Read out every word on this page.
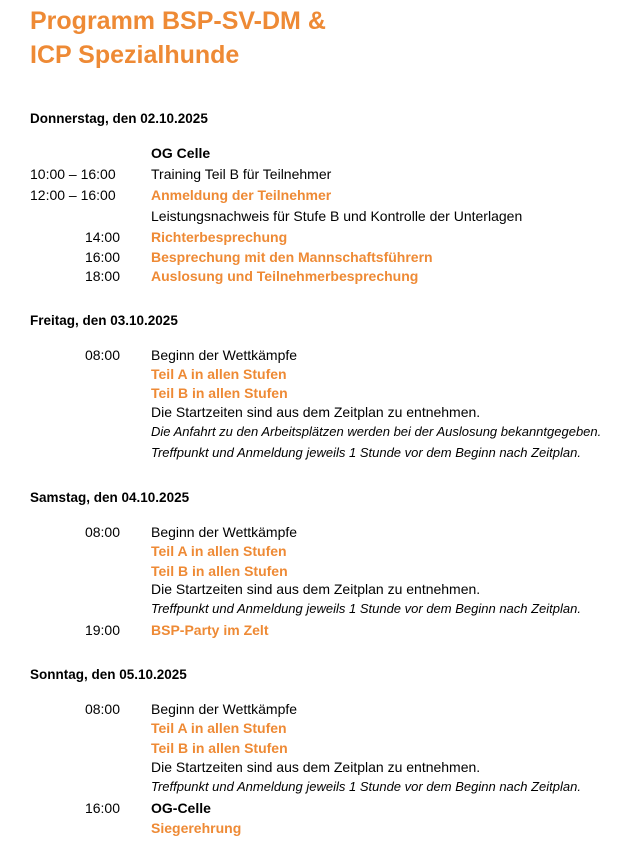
Programm BSP-SV-DM &
ICP Spezialhunde
Donnerstag, den 02.10.2025
OG Celle
10:00 – 16:00	Training Teil B für Teilnehmer
12:00 – 16:00	Anmeldung der Teilnehmer
Leistungsnachweis für Stufe B und Kontrolle der Unterlagen
14:00 Richterbesprechung
16:00 Besprechung mit den Mannschaftsführern
18:00 Auslosung und Teilnehmerbesprechung
Freitag, den 03.10.2025
08:00 Beginn der Wettkämpfe
Teil A in allen Stufen
Teil B in allen Stufen
Die Startzeiten sind aus dem Zeitplan zu entnehmen.
Die Anfahrt zu den Arbeitsplätzen werden bei der Auslosung bekanntgegeben.
Treffpunkt und Anmeldung jeweils 1 Stunde vor dem Beginn nach Zeitplan.
Samstag, den 04.10.2025
08:00 Beginn der Wettkämpfe
Teil A in allen Stufen
Teil B in allen Stufen
Die Startzeiten sind aus dem Zeitplan zu entnehmen.
Treffpunkt und Anmeldung jeweils 1 Stunde vor dem Beginn nach Zeitplan.
19:00 BSP-Party im Zelt
Sonntag, den 05.10.2025
08:00 Beginn der Wettkämpfe
Teil A in allen Stufen
Teil B in allen Stufen
Die Startzeiten sind aus dem Zeitplan zu entnehmen.
Treffpunkt und Anmeldung jeweils 1 Stunde vor dem Beginn nach Zeitplan.
16:00 OG-Celle
Siegerehrung
